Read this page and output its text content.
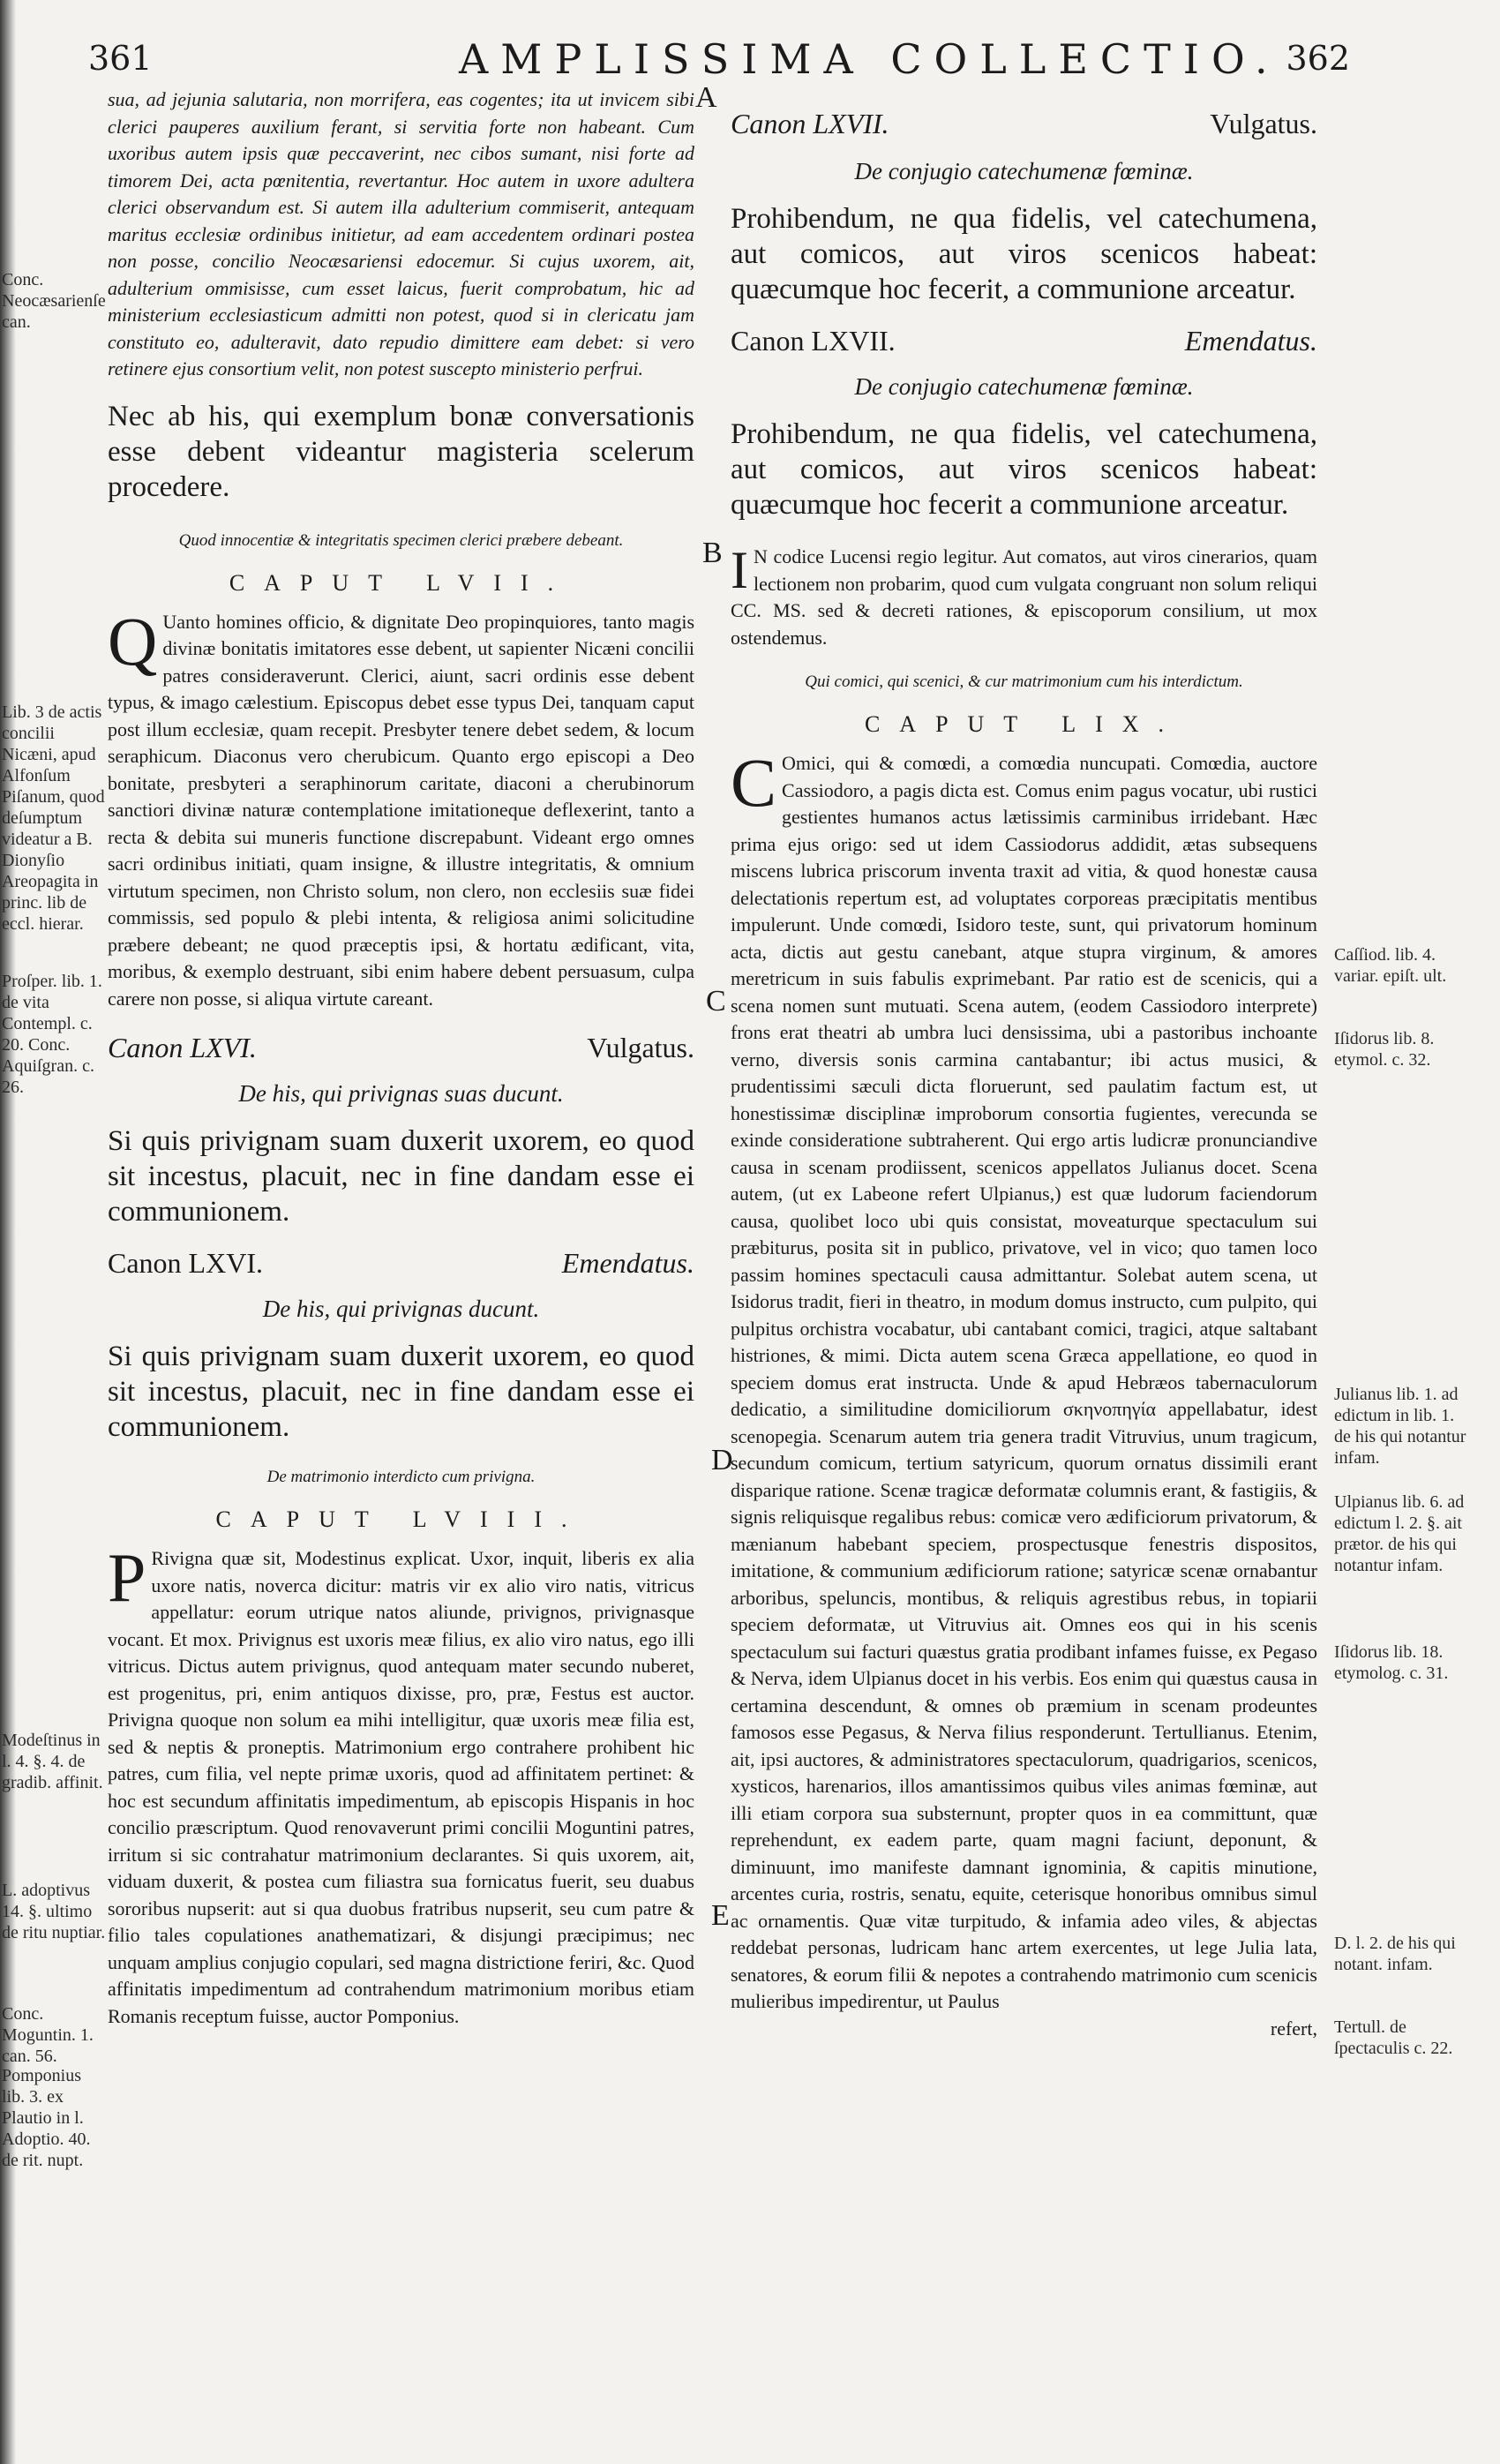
361	AMPLISSIMA COLLECTIO. 362
A
B
C
D
E

sua, ad jejunia salutaria, non morrifera, eas cogentes; ita ut invicem sibi clerici pauperes auxilium ferant, si servitia forte non habeant. Cum uxoribus autem ipsis quæ peccaverint, nec cibos sumant, nisi forte ad timorem Dei, acta pœnitentia, revertantur. Hoc autem in uxore adultera clerici observandum est. Si autem illa adulterium commiserit, antequam maritus ecclesiæ ordinibus initietur, ad eam accedentem ordinari postea non posse, concilio Neocæsariensi edocemur. Si cujus uxorem, ait, adulterium ommisisse, cum esset laicus, fuerit comprobatum, hic ad ministerium ecclesiasticum admitti non potest, quod si in clericatu jam constituto eo, adulteravit, dato repudio dimittere eam debet: si vero retinere ejus consortium velit, non potest suscepto ministerio perfrui.

Nec ab his, qui exemplum bonæ conversationis esse debent videantur magisteria scelerum procedere.

Quod innocentiæ & integritatis specimen clerici præbere debeant.

CAPUT LVII.

Q Uanto homines officio, & dignitate Deo propinquiores, tanto magis divinæ bonitatis imitatores esse debent, ut sapienter Nicæni concilii patres consideraverunt. Clerici, aiunt, sacri ordinis esse debent typus, & imago cælestium. Episcopus debet esse typus Dei, tanquam caput post illum ecclesiæ, quam recepit. Presbyter tenere debet sedem, & locum seraphicum. Diaconus vero cherubicum. Quanto ergo episcopi a Deo bonitate, presbyteri a seraphinorum caritate, diaconi a cherubinorum sanctiori divinæ naturæ contemplatione imitationeque deflexerint, tanto a recta & debita sui muneris functione discrepabunt. Videant ergo omnes sacri ordinibus initiati, quam insigne, & illustre integritatis, & omnium virtutum specimen, non Christo solum, non clero, non ecclesiis suæ fidei commissis, sed populo & plebi intenta, & religiosa animi solicitudine præbere debeant; ne quod præceptis ipsi, & hortatu ædificant, vita, moribus, & exemplo destruant, sibi enim habere debent persuasum, culpa carere non posse, si aliqua virtute careant.

Canon LXVI.	Vulgatus.

De his, qui privignas suas ducunt.

Si quis privignam suam duxerit uxorem, eo quod sit incestus, placuit, nec in fine dandam esse ei communionem.

Canon LXVI.	Emendatus.

De his, qui privignas ducunt.

Si quis privignam suam duxerit uxorem, eo quod sit incestus, placuit, nec in fine dandam esse ei communionem.

De matrimonio interdicto cum privigna.

CAPUT LVIII.

P Rivigna quæ sit, Modestinus explicat. Uxor, inquit, liberis ex alia uxore natis, noverca dicitur: matris vir ex alio viro natis, vitricus appellatur: eorum utrique natos aliunde, privignos, privignasque vocant. Et mox. Privignus est uxoris meæ filius, ex alio viro natus, ego illi vitricus. Dictus autem privignus, quod antequam mater secundo nuberet, est progenitus, pri, enim antiquos dixisse, pro, præ, Festus est auctor. Privigna quoque non solum ea mihi intelligitur, quæ uxoris meæ filia est, sed & neptis & proneptis. Matrimonium ergo contrahere prohibent hic patres, cum filia, vel nepte primæ uxoris, quod ad affinitatem pertinet: & hoc est secundum affinitatis impedimentum, ab episcopis Hispanis in hoc concilio præscriptum. Quod renovaverunt primi concilii Moguntini patres, irritum si sic contrahatur matrimonium declarantes. Si quis uxorem, ait, viduam duxerit, & postea cum filiastra sua fornicatus fuerit, seu duabus sororibus nupserit: aut si qua duobus fratribus nupserit, seu cum patre & filio tales copulationes anathematizari, & disjungi præcipimus; nec unquam amplius conjugio copulari, sed magna districtione feriri, &c. Quod affinitatis impedimentum ad contrahendum matrimonium moribus etiam Romanis receptum fuisse, auctor Pomponius.

Canon LXVII.	Vulgatus.

De conjugio catechumenæ fœminæ.

Prohibendum, ne qua fidelis, vel catechumena, aut comicos, aut viros scenicos habeat: quæcumque hoc fecerit, a communione arceatur.

Canon LXVII.	Emendatus.

De conjugio catechumenæ fœminæ.

Prohibendum, ne qua fidelis, vel catechumena, aut comicos, aut viros scenicos habeat: quæcumque hoc fecerit a communione arceatur.

I N codice Lucensi regio legitur. Aut comatos, aut viros cinerarios, quam lectionem non probarim, quod cum vulgata congruant non solum reliqui CC. MS. sed & decreti rationes, & episcoporum consilium, ut mox ostendemus.

Qui comici, qui scenici, & cur matrimonium cum his interdictum.

CAPUT LIX.

C Omici, qui & comœdi, a comœdia nuncupati. Comœdia, auctore Cassiodoro, a pagis dicta est. Comus enim pagus vocatur, ubi rustici gestientes humanos actus lætissimis carminibus irridebant. Hæc prima ejus origo: sed ut idem Cassiodorus addidit, ætas subsequens miscens lubrica priscorum inventa traxit ad vitia, & quod honestæ causa delectationis repertum est, ad voluptates corporeas præcipitatis mentibus impulerunt. Unde comœdi, Isidoro teste, sunt, qui privatorum hominum acta, dictis aut gestu canebant, atque stupra virginum, & amores meretricum in suis fabulis exprimebant. Par ratio est de scenicis, qui a scena nomen sunt mutuati. Scena autem, (eodem Cassiodoro interprete) frons erat theatri ab umbra luci densissima, ubi a pastoribus inchoante verno, diversis sonis carmina cantabantur; ibi actus musici, & prudentissimi sæculi dicta floruerunt, sed paulatim factum est, ut honestissimæ disciplinæ improborum consortia fugientes, verecunda se exinde consideratione subtraherent. Qui ergo artis ludicræ pronunciandive causa in scenam prodiissent, scenicos appellatos Julianus docet. Scena autem, (ut ex Labeone refert Ulpianus,) est quæ ludorum faciendorum causa, quolibet loco ubi quis consistat, moveaturque spectaculum sui præbiturus, posita sit in publico, privatove, vel in vico; quo tamen loco passim homines spectaculi causa admittantur. Solebat autem scena, ut Isidorus tradit, fieri in theatro, in modum domus instructo, cum pulpito, qui pulpitus orchistra vocabatur, ubi cantabant comici, tragici, atque saltabant histriones, & mimi. Dicta autem scena Græca appellatione, eo quod in speciem domus erat instructa. Unde & apud Hebræos tabernaculorum dedicatio, a similitudine domiciliorum σκηνοπηγία appellabatur, idest scenopegia. Scenarum autem tria genera tradit Vitruvius, unum tragicum, secundum comicum, tertium satyricum, quorum ornatus dissimili erant disparique ratione. Scenæ tragicæ deformatæ columnis erant, & fastigiis, & signis reliquisque regalibus rebus: comicæ vero ædificiorum privatorum, & mænianum habebant speciem, prospectusque fenestris dispositos, imitatione, & communium ædificiorum ratione; satyricæ scenæ ornabantur arboribus, speluncis, montibus, & reliquis agrestibus rebus, in topiarii speciem deformatæ, ut Vitruvius ait. Omnes eos qui in his scenis spectaculum sui facturi quæstus gratia prodibant infames fuisse, ex Pegaso & Nerva, idem Ulpianus docet in his verbis. Eos enim qui quæstus causa in certamina descendunt, & omnes ob præmium in scenam prodeuntes famosos esse Pegasus, & Nerva filius responderunt. Tertullianus. Etenim, ait, ipsi auctores, & administratores spectaculorum, quadrigarios, scenicos, xysticos, harenarios, illos amantissimos quibus viles animas fœminæ, aut illi etiam corpora sua substernunt, propter quos in ea committunt, quæ reprehendunt, ex eadem parte, quam magni faciunt, deponunt, & diminuunt, imo manifeste damnant ignominia, & capitis minutione, arcentes curia, rostris, senatu, equite, ceterisque honoribus omnibus simul ac ornamentis. Quæ vitæ turpitudo, & infamia adeo viles, & abjectas reddebat personas, ludricam hanc artem exercentes, ut lege Julia lata, senatores, & eorum filii & nepotes a contrahendo matrimonio cum scenicis mulieribus impedirentur, ut Paulus

refert,

Conc. Neocæsarienſe can.
Lib. 3 de actis concilii Nicæni, apud Alfonſum Piſanum, quod deſumptum videatur a B. Dionyſio Areopagita in princ. lib de eccl. hierar.
Proſper. lib. 1. de vita Contempl. c. 20. Conc. Aquiſgran. c. 26.
Modeſtinus in l. 4. §. 4. de gradib. affinit.
L. adoptivus 14. §. ultimo de ritu nuptiar.
Conc. Moguntin. 1. can. 56.
Pomponius lib. 3. ex Plautio in l. Adoptio. 40. de rit. nupt.
Caſſiod. lib. 4. variar. epiſt. ult.
Iſidorus lib. 8. etymol. c. 32.
Julianus lib. 1. ad edictum in lib. 1. de his qui notantur infam.
Ulpianus lib. 6. ad edictum l. 2. §. ait prætor. de his qui notantur infam.
Iſidorus lib. 18. etymolog. c. 31.
D. l. 2. de his qui notant. infam.
Tertull. de ſpectaculis c. 22.
